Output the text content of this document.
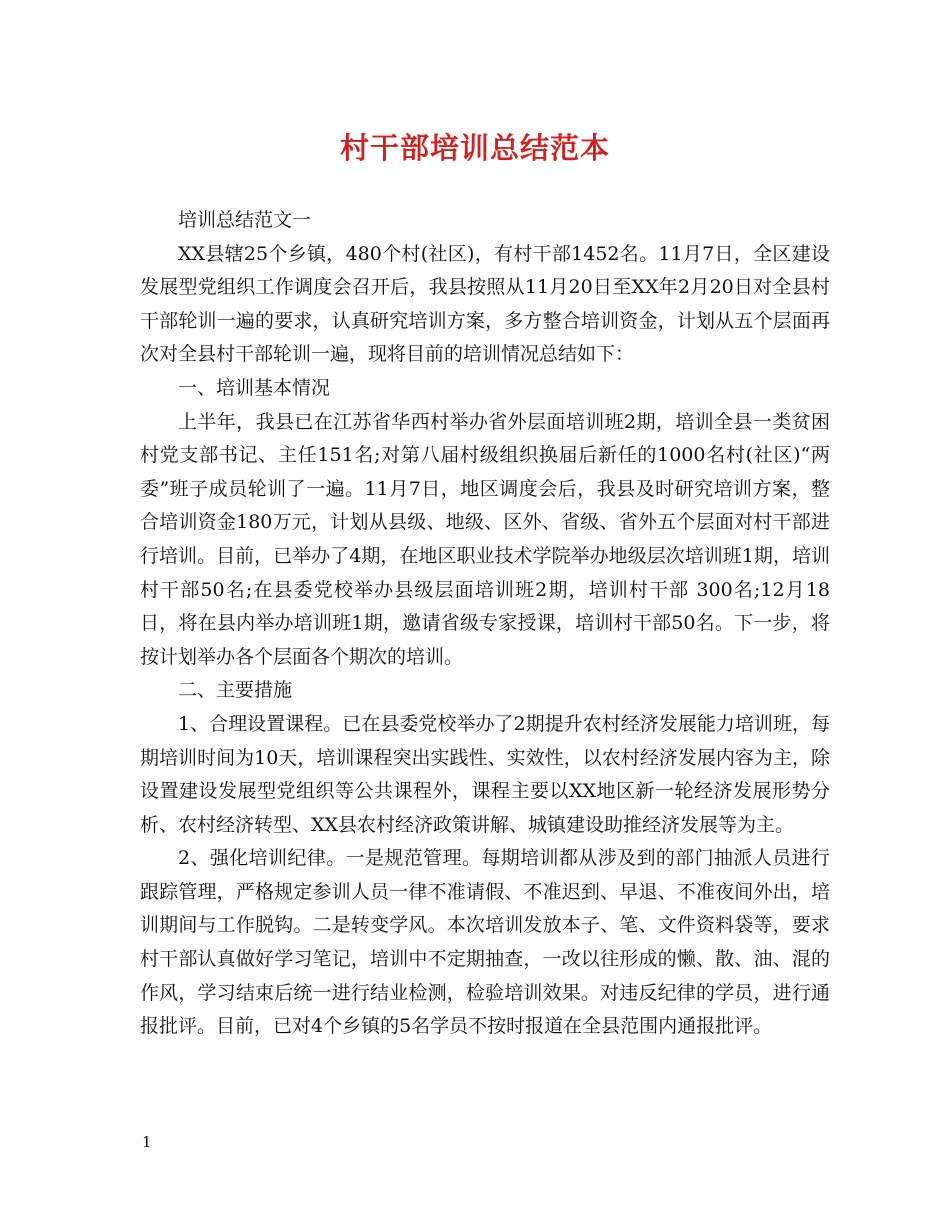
村干部培训总结范本

培训总结范文一

XX县辖25个乡镇，480个村(社区)，有村干部1452名。11月7日，全区建设发展型党组织工作调度会召开后，我县按照从11月20日至XX年2月20日对全县村干部轮训一遍的要求，认真研究培训方案，多方整合培训资金，计划从五个层面再次对全县村干部轮训一遍，现将目前的培训情况总结如下：

一、培训基本情况

上半年，我县已在江苏省华西村举办省外层面培训班2期，培训全县一类贫困村党支部书记、主任151名;对第八届村级组织换届后新任的1000名村(社区)“两委”班子成员轮训了一遍。11月7日，地区调度会后，我县及时研究培训方案，整合培训资金180万元，计划从县级、地级、区外、省级、省外五个层面对村干部进行培训。目前，已举办了4期，在地区职业技术学院举办地级层次培训班1期，培训村干部50名;在县委党校举办县级层面培训班2期，培训村干部 300名;12月18日，将在县内举办培训班1期，邀请省级专家授课，培训村干部50名。下一步，将按计划举办各个层面各个期次的培训。

二、主要措施

1、合理设置课程。已在县委党校举办了2期提升农村经济发展能力培训班，每期培训时间为10天，培训课程突出实践性、实效性，以农村经济发展内容为主，除设置建设发展型党组织等公共课程外，课程主要以XX地区新一轮经济发展形势分析、农村经济转型、XX县农村经济政策讲解、城镇建设助推经济发展等为主。

2、强化培训纪律。一是规范管理。每期培训都从涉及到的部门抽派人员进行跟踪管理，严格规定参训人员一律不准请假、不准迟到、早退、不准夜间外出，培训期间与工作脱钩。二是转变学风。本次培训发放本子、笔、文件资料袋等，要求村干部认真做好学习笔记，培训中不定期抽查，一改以往形成的懒、散、油、混的作风，学习结束后统一进行结业检测，检验培训效果。对违反纪律的学员，进行通报批评。目前，已对4个乡镇的5名学员不按时报道在全县范围内通报批评。

1
